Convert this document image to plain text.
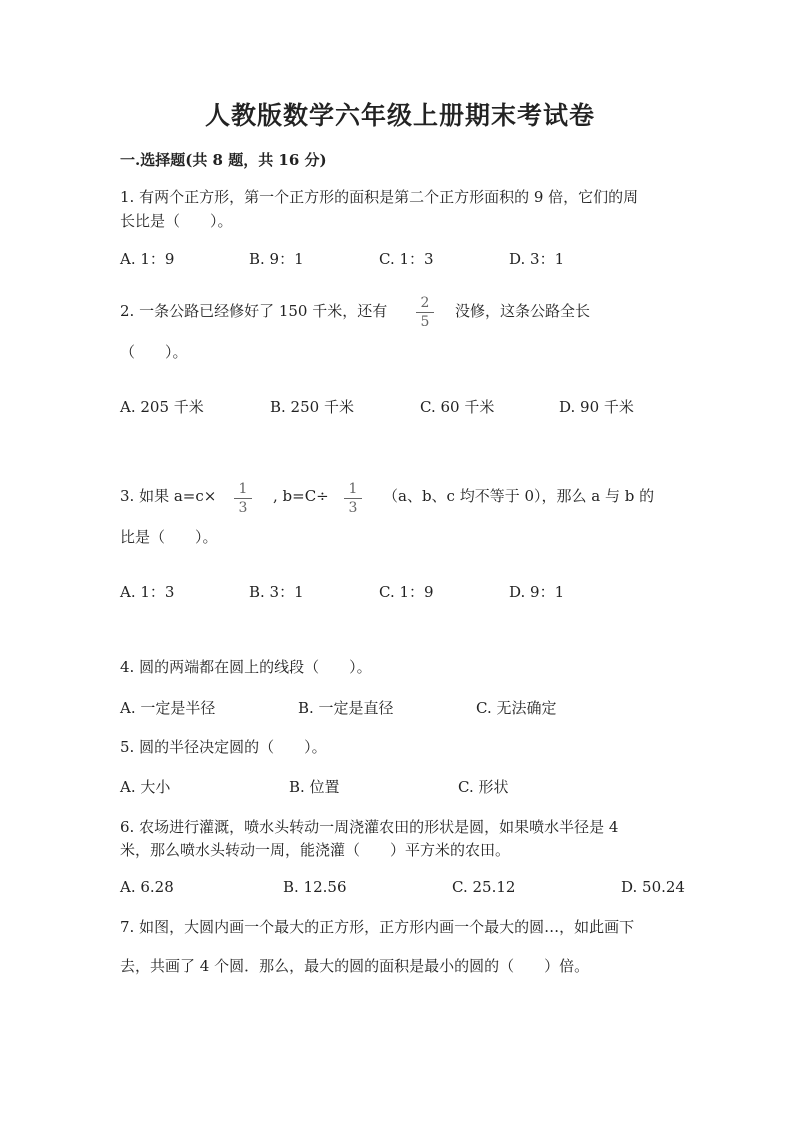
人教版数学六年级上册期末考试卷
一.选择题(共 8 题，共 16 分)
1. 有两个正方形，第一个正方形的面积是第二个正方形面积的 9 倍，它们的周
长比是（　　）。
A. 1：9	B. 9：1	C. 1：3	D. 3：1
2. 一条公路已经修好了 150 千米，还有	2
5
没修，这条公路全长
（　　）。
A. 205 千米	B. 250 千米	C. 60 千米	D. 90 千米
3. 如果 a=c×	1
3
, b=C÷	1
3
（a、b、c 均不等于 0），那么 a 与 b 的
比是（　　）。
A. 1：3	B. 3：1	C. 1：9	D. 9：1
4. 圆的两端都在圆上的线段（　　）。
A. 一定是半径	B. 一定是直径	C. 无法确定
5. 圆的半径决定圆的（　　）。
A. 大小	B. 位置	C. 形状
6. 农场进行灌溉，喷水头转动一周浇灌农田的形状是圆，如果喷水半径是 4
米，那么喷水头转动一周，能浇灌（　　）平方米的农田。
A. 6.28	B. 12.56	C. 25.12	D. 50.24
7. 如图，大圆内画一个最大的正方形，正方形内画一个最大的圆…，如此画下
去，共画了 4 个圆．那么，最大的圆的面积是最小的圆的（　　）倍。
